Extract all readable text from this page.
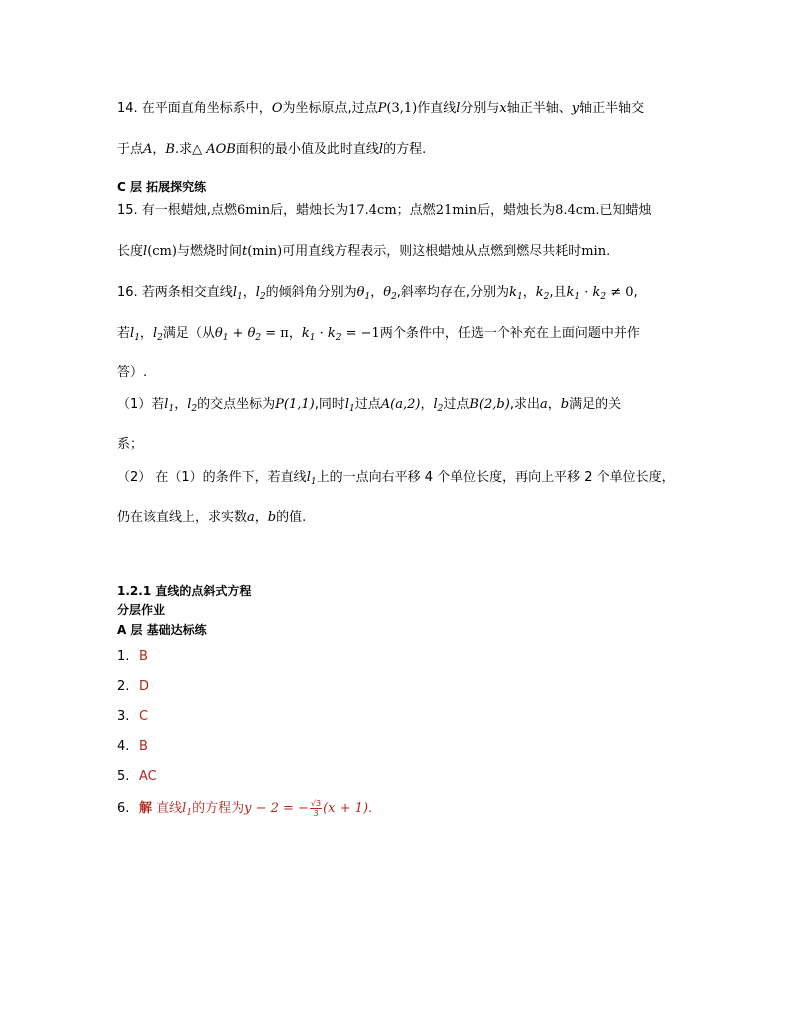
14. 在平面直角坐标系中，O为坐标原点,过点P(3,1)作直线l分别与x轴正半轴、y轴正半轴交
于点A，B.求△ AOB面积的最小值及此时直线l的方程.
C 层 拓展探究练
15. 有一根蜡烛,点燃6min后，蜡烛长为17.4cm；点燃21min后，蜡烛长为8.4cm.已知蜡烛
长度l(cm)与燃烧时间t(min)可用直线方程表示，则这根蜡烛从点燃到燃尽共耗时min.
16. 若两条相交直线$l_1$，$l_2$的倾斜角分别为$\theta_1$，$\theta_2$,斜率均存在,分别为$k_1$，$k_2$,且$k_1 \cdot k_2 \ne 0$,
若$l_1$，$l_2$满足（从$\theta_1 + \theta_2 = \pi$，$k_1 \cdot k_2 = -1$两个条件中，任选一个补充在上面问题中并作
答）.
（1）若$l_1$，$l_2$的交点坐标为P(1,1),同时$l_1$过点A(a,2)，$l_2$过点B(2,b),求出a，b满足的关
系；
（2） 在（1）的条件下，若直线$l_1$上的一点向右平移 4 个单位长度，再向上平移 2 个单位长度，
仍在该直线上，求实数a，b的值.
1.2.1 直线的点斜式方程
分层作业
A 层 基础达标练
1. B
2. D
3. C
4. B
5. AC
6. 解 直线$l_1$的方程为y − 2 = − $\frac{√3}{3} (x + 1)$.
